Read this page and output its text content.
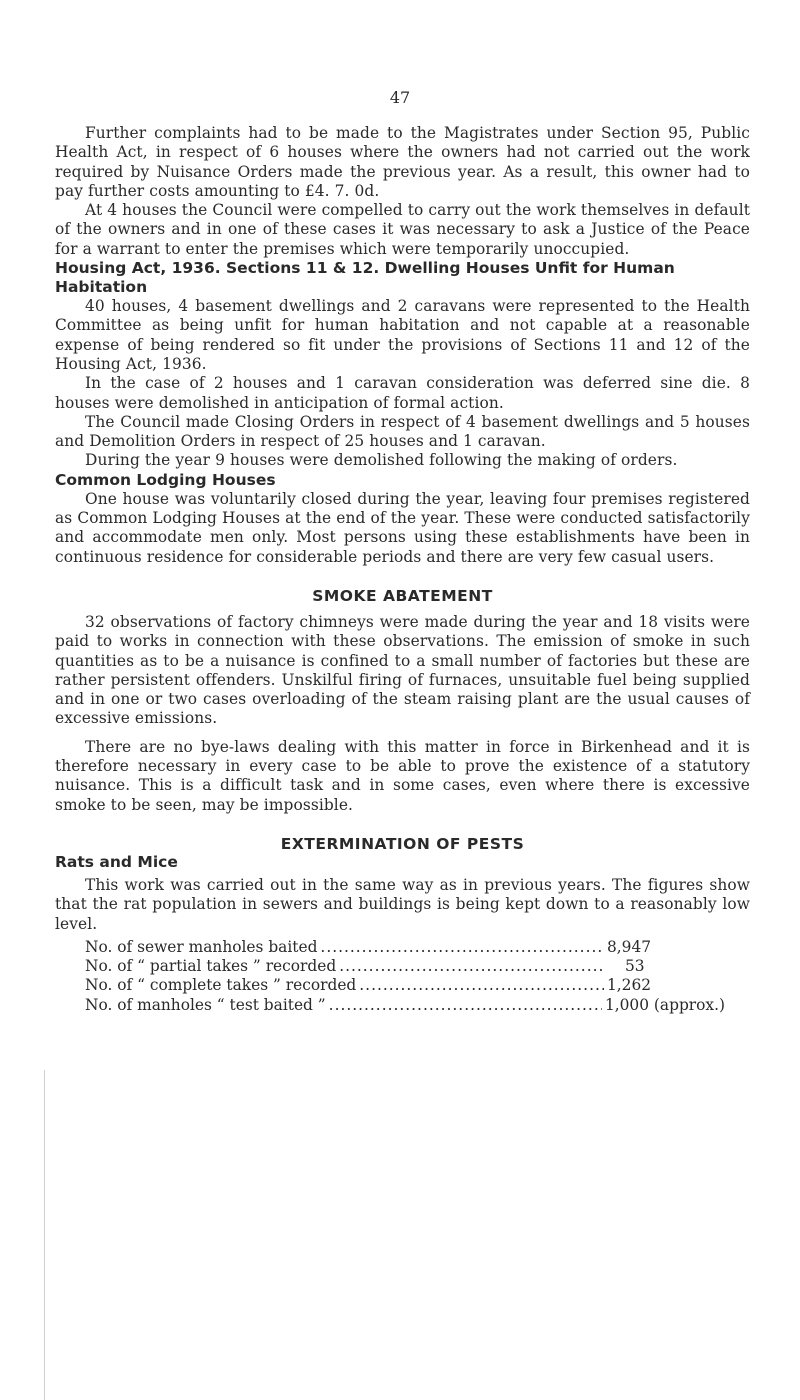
47

Further complaints had to be made to the Magistrates under Section 95, Public Health Act, in respect of 6 houses where the owners had not carried out the work required by Nuisance Orders made the previous year. As a result, this owner had to pay further costs amounting to £4. 7. 0d.

At 4 houses the Council were compelled to carry out the work themselves in default of the owners and in one of these cases it was necessary to ask a Justice of the Peace for a warrant to enter the premises which were temporarily unoccupied.

Housing Act, 1936. Sections 11 & 12. Dwelling Houses Unfit for Human Habitation

40 houses, 4 basement dwellings and 2 caravans were represented to the Health Committee as being unfit for human habitation and not capable at a reasonable expense of being rendered so fit under the provisions of Sections 11 and 12 of the Housing Act, 1936.

In the case of 2 houses and 1 caravan consideration was deferred sine die. 8 houses were demolished in anticipation of formal action.

The Council made Closing Orders in respect of 4 basement dwellings and 5 houses and Demolition Orders in respect of 25 houses and 1 caravan.

During the year 9 houses were demolished following the making of orders.

Common Lodging Houses

One house was voluntarily closed during the year, leaving four premises registered as Common Lodging Houses at the end of the year. These were conducted satisfactorily and accommodate men only. Most persons using these establishments have been in continuous residence for considerable periods and there are very few casual users.

SMOKE ABATEMENT

32 observations of factory chimneys were made during the year and 18 visits were paid to works in connection with these observations. The emission of smoke in such quantities as to be a nuisance is confined to a small number of factories but these are rather persistent offenders. Unskilful firing of furnaces, unsuitable fuel being supplied and in one or two cases overloading of the steam raising plant are the usual causes of excessive emissions.

There are no bye-laws dealing with this matter in force in Birkenhead and it is therefore necessary in every case to be able to prove the existence of a statutory nuisance. This is a difficult task and in some cases, even where there is excessive smoke to be seen, may be impossible.

EXTERMINATION OF PESTS
Rats and Mice

This work was carried out in the same way as in previous years. The figures show that the rat population in sewers and buildings is being kept down to a reasonably low level.

No. of sewer manholes baited .....	8,947
No. of “ partial takes ” recorded .....	53
No. of “ complete takes ” recorded .....	1,262
No. of manholes “ test baited ” .....	1,000 (approx.)
